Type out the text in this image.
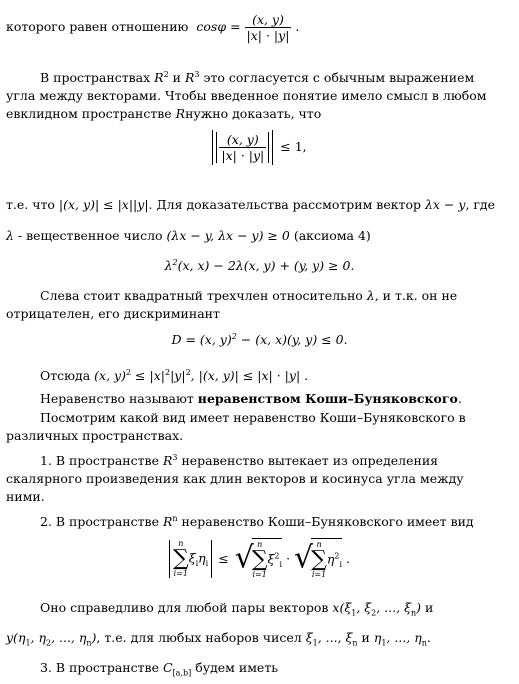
которого равен отношению $\cos\varphi = \frac{(x, y)}{|x| \cdot |y|}$ .
В пространствах $R^2$ и $R^3$ это согласуется с обычным выражением
угла между векторами. Чтобы введенное понятие имело смысл в любом
евклидном пространстве Rнужно доказать, что
$\frac{(x, y)}{|x| \cdot |y|} \le 1$,
т.е. что |(x, y)| ≤ |x||y|. Для доказательства рассмотрим вектор λx − y, где
λ - вещественное число (λx − y, λx − y) ≥ 0 (аксиома 4)
$\lambda^2(x$, x) − 2λ(x, y) + (y, y) ≥ 0.
Слева стоит квадратный трехчлен относительно λ, и т.к. он не
отрицателен, его дискриминант
D = (x, y)$^2$ − (x, x)(y, y) ≤ 0.
Отсюда (x, $y)^2 \le |x|^2|y|^2$, |(x, y)| ≤ |x| · |y| .
Неравенство называют неравенством Коши–Буняковского.
Посмотрим какой вид имеет неравенство Коши–Буняковского в
различных пространствах.
1. В пространстве $R^3$ неравенство вытекает из определения
скалярного произведения как длин векторов и косинуса угла между
ними.
2. В пространстве $R^n$ неравенство Коши–Буняковского имеет вид
n
∑
i=1
$\xi_i\eta_i$ ≤ √ n
∑
i=1
$\xi^2_i$ · √ n
∑
i=1
$\eta^2_i$ .
Оно справедливо для любой пары векторов $x(\xi_1$, $\xi_2$, ..., $\xi_n$) и
$y(\eta_1$, $\eta_2$, ..., $\eta_n$), т.е. для любых наборов чисел $\xi_1$, ..., $\xi_n$ и $\eta_1$, ..., $\eta_n$.
3. В пространстве $C_{[a,b]}$ будем иметь
